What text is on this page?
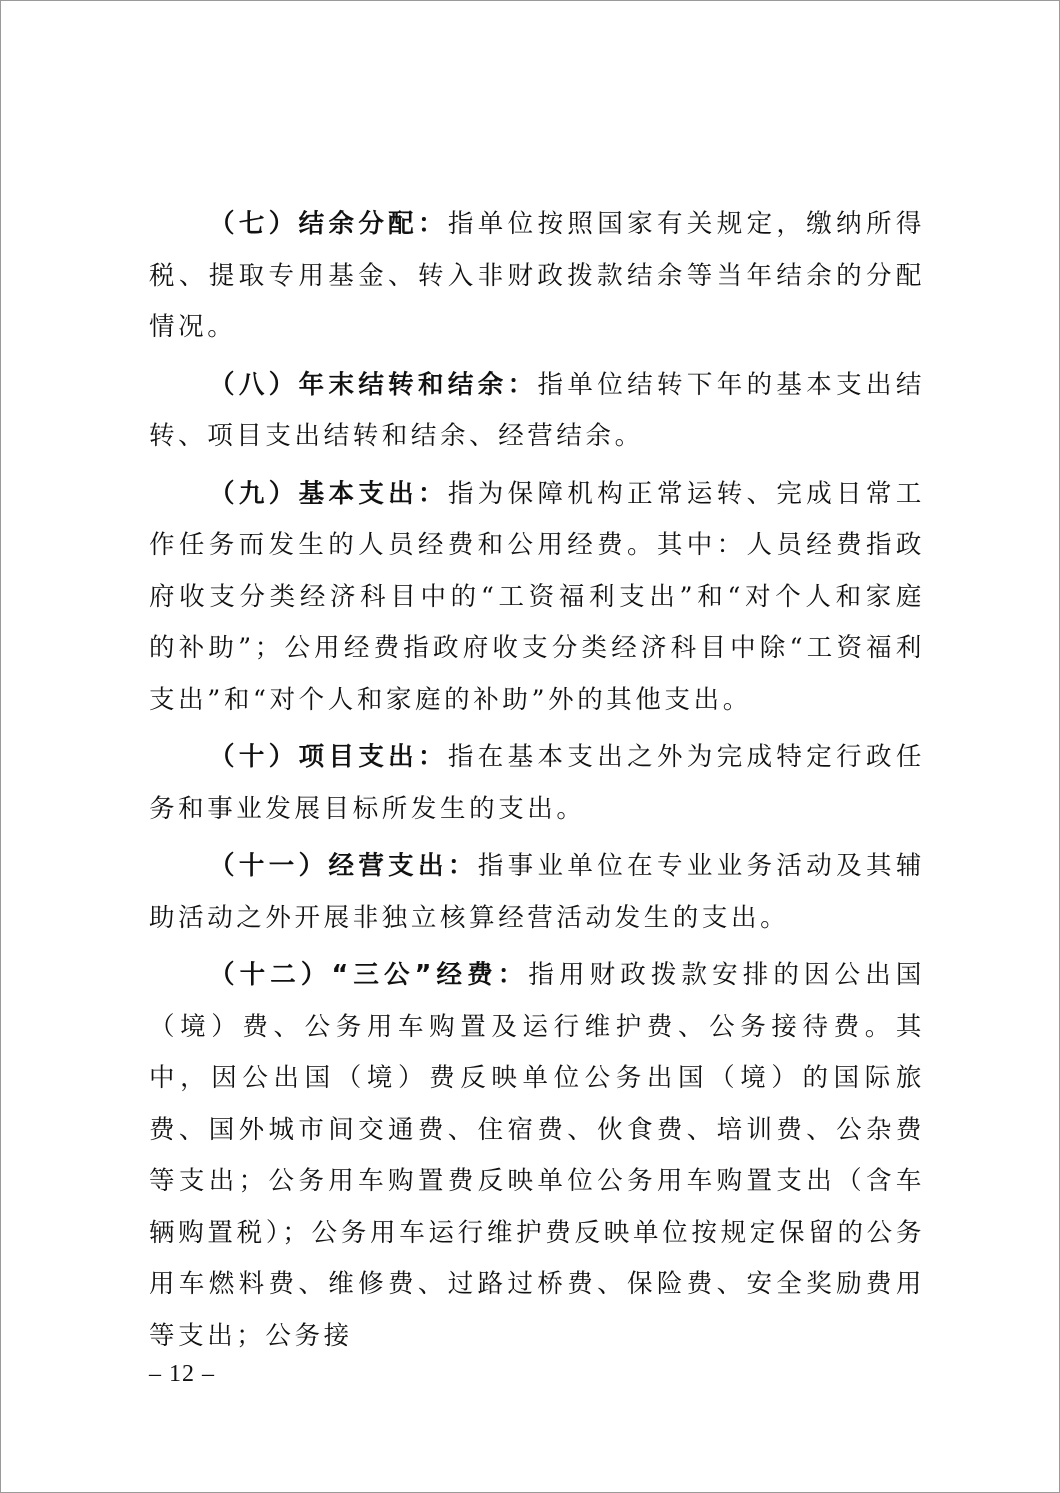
（七）结余分配：指单位按照国家有关规定，缴纳所得税、提取专用基金、转入非财政拨款结余等当年结余的分配情况。

（八）年末结转和结余：指单位结转下年的基本支出结转、项目支出结转和结余、经营结余。

（九）基本支出：指为保障机构正常运转、完成日常工作任务而发生的人员经费和公用经费。其中：人员经费指政府收支分类经济科目中的“工资福利支出”和“对个人和家庭的补助”；公用经费指政府收支分类经济科目中除“工资福利支出”和“对个人和家庭的补助”外的其他支出。

（十）项目支出：指在基本支出之外为完成特定行政任务和事业发展目标所发生的支出。

（十一）经营支出：指事业单位在专业业务活动及其辅助活动之外开展非独立核算经营活动发生的支出。

（十二）“三公”经费：指用财政拨款安排的因公出国（境）费、公务用车购置及运行维护费、公务接待费。其中，因公出国（境）费反映单位公务出国（境）的国际旅费、国外城市间交通费、住宿费、伙食费、培训费、公杂费等支出；公务用车购置费反映单位公务用车购置支出（含车辆购置税）；公务用车运行维护费反映单位按规定保留的公务用车燃料费、维修费、过路过桥费、保险费、安全奖励费用等支出；公务接

– 12 –
